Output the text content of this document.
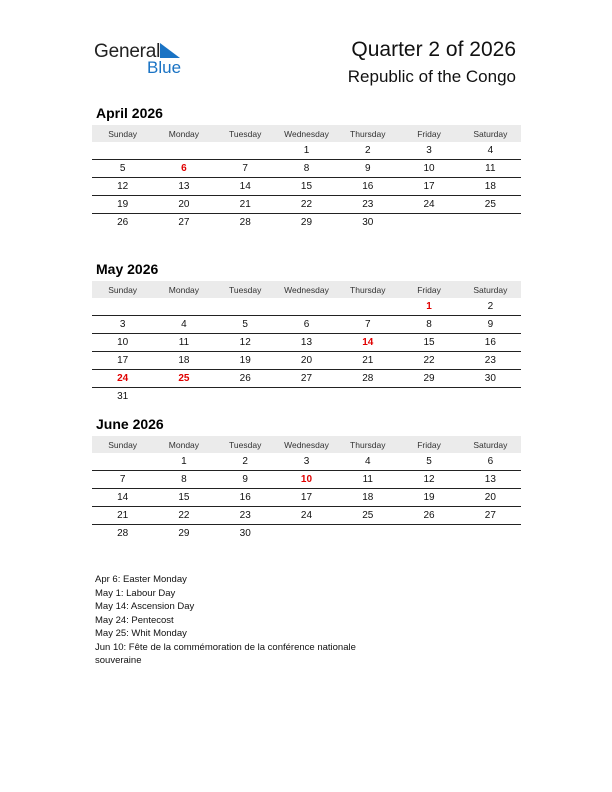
General
Blue
Quarter 2 of 2026
Republic of the Congo
April 2026
Sunday	Monday	Tuesday	Wednesday	Thursday	Friday	Saturday
			1	2	3	4
5	6	7	8	9	10	11
12	13	14	15	16	17	18
19	20	21	22	23	24	25
26	27	28	29	30		
May 2026
Sunday	Monday	Tuesday	Wednesday	Thursday	Friday	Saturday
					1	2
3	4	5	6	7	8	9
10	11	12	13	14	15	16
17	18	19	20	21	22	23
24	25	26	27	28	29	30
31						
June 2026
Sunday	Monday	Tuesday	Wednesday	Thursday	Friday	Saturday
	1	2	3	4	5	6
7	8	9	10	11	12	13
14	15	16	17	18	19	20
21	22	23	24	25	26	27
28	29	30				
Apr 6: Easter Monday
May 1: Labour Day
May 14: Ascension Day
May 24: Pentecost
May 25: Whit Monday
Jun 10: Fête de la commémoration de la conférence nationale souveraine
